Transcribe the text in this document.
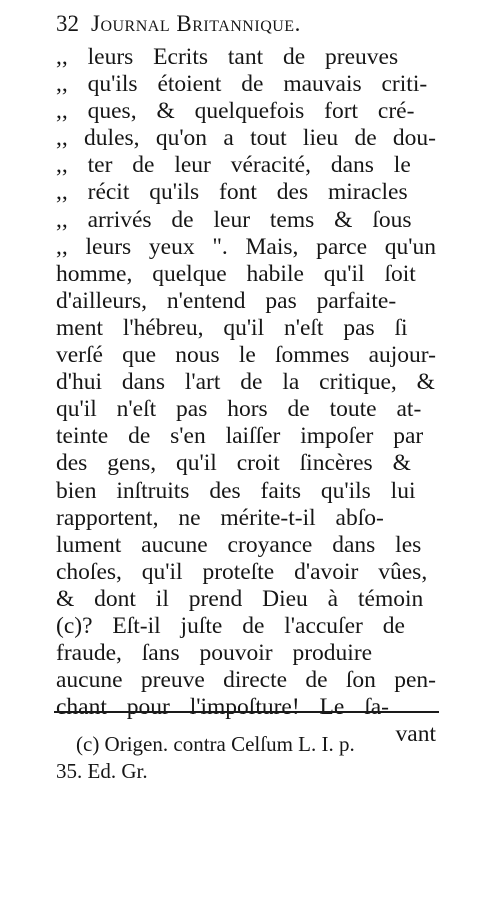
32 Journal Britannique.
,, leurs Ecrits tant de preuves
,, qu'ils étoient de mauvais criti-
,, ques, & quelquefois fort cré-
,, dules, qu'on a tout lieu de dou-
,, ter de leur véracité, dans le
,, récit qu'ils font des miracles
,, arrivés de leur tems & ſous
,, leurs yeux ". Mais, parce qu'un
homme, quelque habile qu'il ſoit
d'ailleurs, n'entend pas parfaite-
ment l'hébreu, qu'il n'eſt pas ſi
verſé que nous le ſommes aujour-
d'hui dans l'art de la critique, &
qu'il n'eſt pas hors de toute at-
teinte de s'en laiſſer impoſer par
des gens, qu'il croit ſincères &
bien inſtruits des faits qu'ils lui
rapportent, ne mérite-t-il abſo-
lument aucune croyance dans les
choſes, qu'il proteſte d'avoir vûes,
& dont il prend Dieu à témoin
(c)? Eſt-il juſte de l'accuſer de
fraude, ſans pouvoir produire
aucune preuve directe de ſon pen-
chant pour l'impoſture! Le ſa-
vant
(c) Origen. contra Celſum L. I. p.
35. Ed. Gr.
